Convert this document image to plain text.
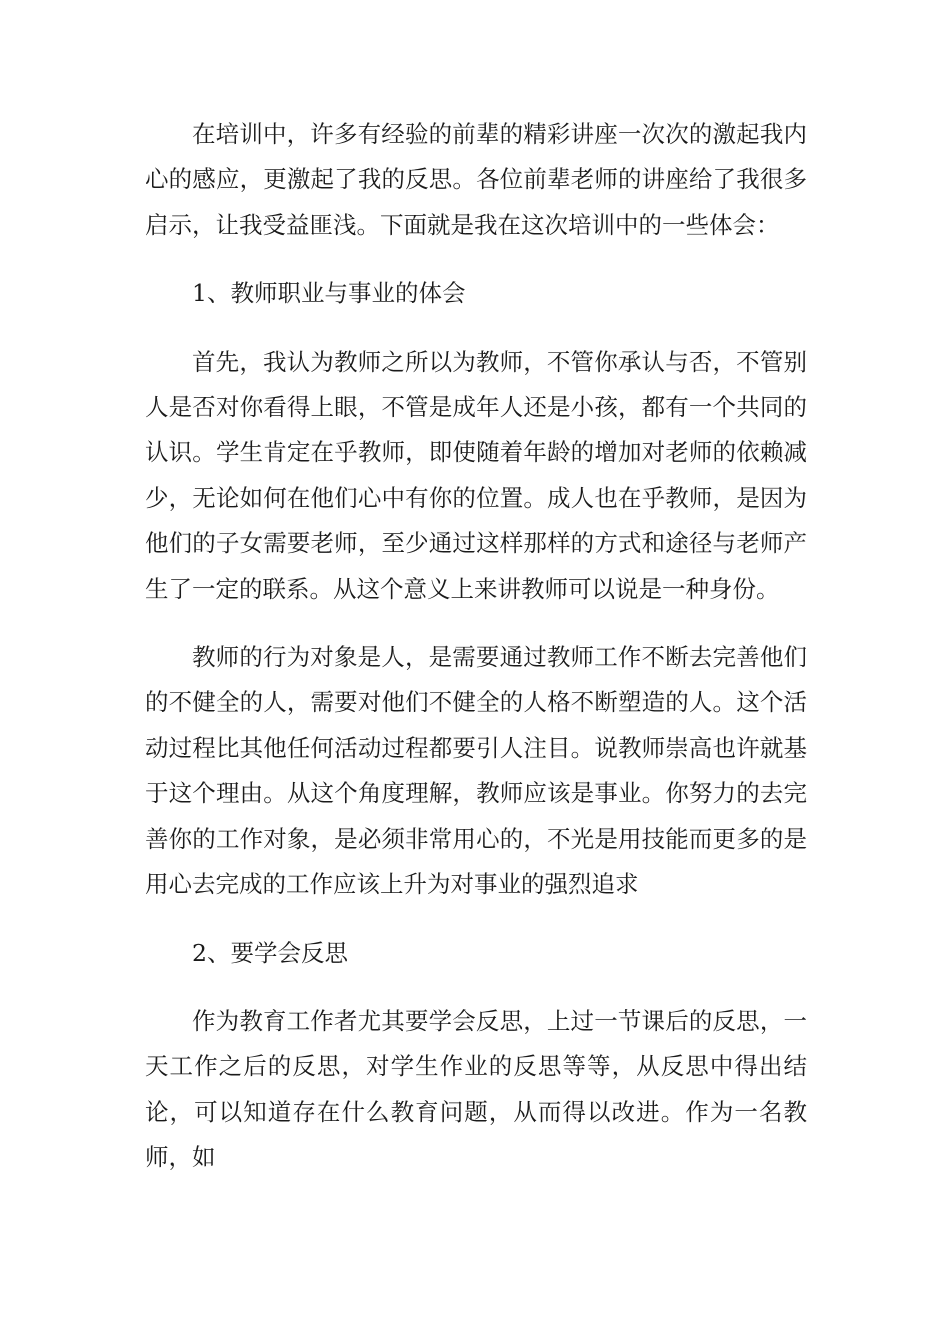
在培训中，许多有经验的前辈的精彩讲座一次次的激起我内心的感应，更激起了我的反思。各位前辈老师的讲座给了我很多启示，让我受益匪浅。下面就是我在这次培训中的一些体会：

1、教师职业与事业的体会

首先，我认为教师之所以为教师，不管你承认与否，不管别人是否对你看得上眼，不管是成年人还是小孩，都有一个共同的认识。学生肯定在乎教师，即使随着年龄的增加对老师的依赖减少，无论如何在他们心中有你的位置。成人也在乎教师，是因为他们的子女需要老师，至少通过这样那样的方式和途径与老师产生了一定的联系。从这个意义上来讲教师可以说是一种身份。

教师的行为对象是人，是需要通过教师工作不断去完善他们的不健全的人，需要对他们不健全的人格不断塑造的人。这个活动过程比其他任何活动过程都要引人注目。说教师崇高也许就基于这个理由。从这个角度理解，教师应该是事业。你努力的去完善你的工作对象，是必须非常用心的，不光是用技能而更多的是用心去完成的工作应该上升为对事业的强烈追求

2、要学会反思

作为教育工作者尤其要学会反思，上过一节课后的反思，一天工作之后的反思，对学生作业的反思等等，从反思中得出结论，可以知道存在什么教育问题，从而得以改进。作为一名教师，如
